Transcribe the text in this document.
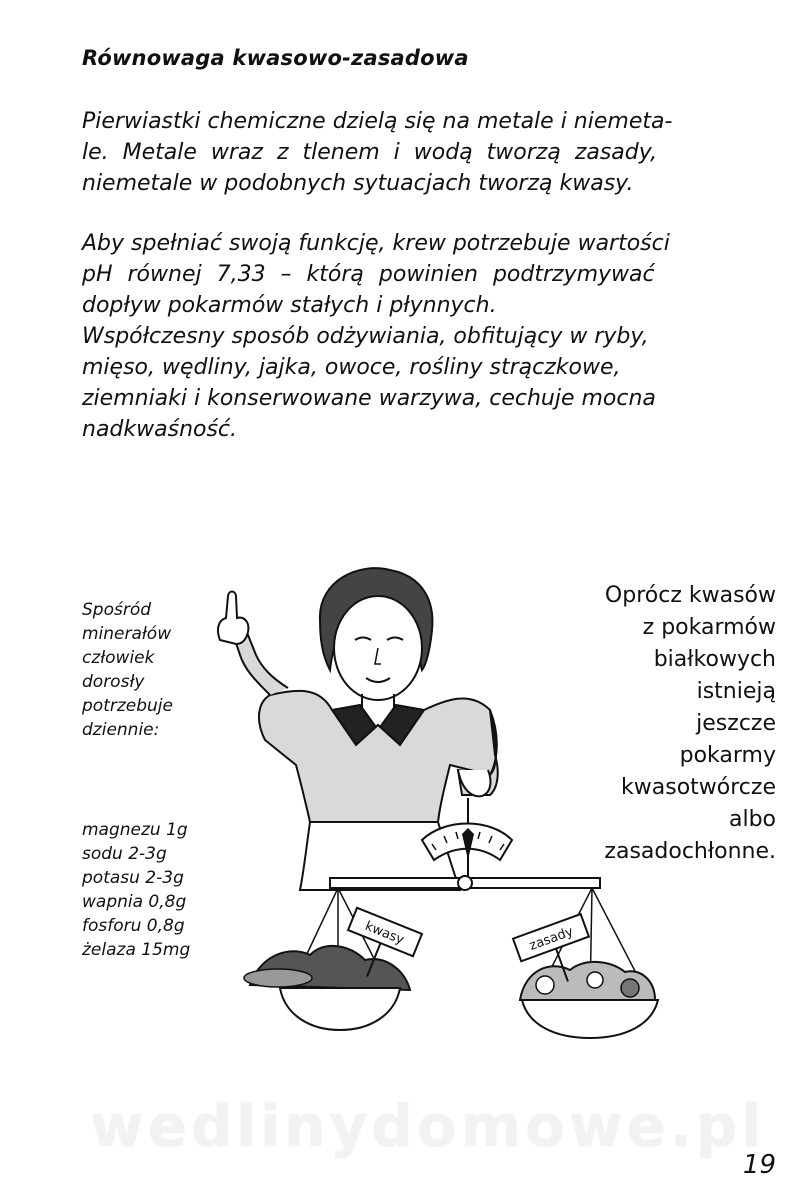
Równowaga kwasowo-zasadowa

Pierwiastki chemiczne dzielą się na metale i niemeta-
le. Metale wraz z tlenem i wodą tworzą zasady,
niemetale w podobnych sytuacjach tworzą kwasy.

Aby spełniać swoją funkcję, krew potrzebuje wartości
pH równej 7,33 – którą powinien podtrzymywać
dopływ pokarmów stałych i płynnych.
Współczesny sposób odżywiania, obfitujący w ryby,
mięso, wędliny, jajka, owoce, rośliny strączkowe,
ziemniaki i konserwowane warzywa, cechuje mocna
nadkwaśność.

Spośród
minerałów
człowiek
dorosły
potrzebuje
dziennie:
magnezu 1g
sodu 2-3g
potasu 2-3g
wapnia 0,8g
fosforu 0,8g
żelaza 15mg
Oprócz kwasów
z pokarmów
białkowych
istnieją
jeszcze
pokarmy
kwasotwórcze
albo
zasadochłonne.
kwasy	zasady
wedlinydomowe.pl
19
